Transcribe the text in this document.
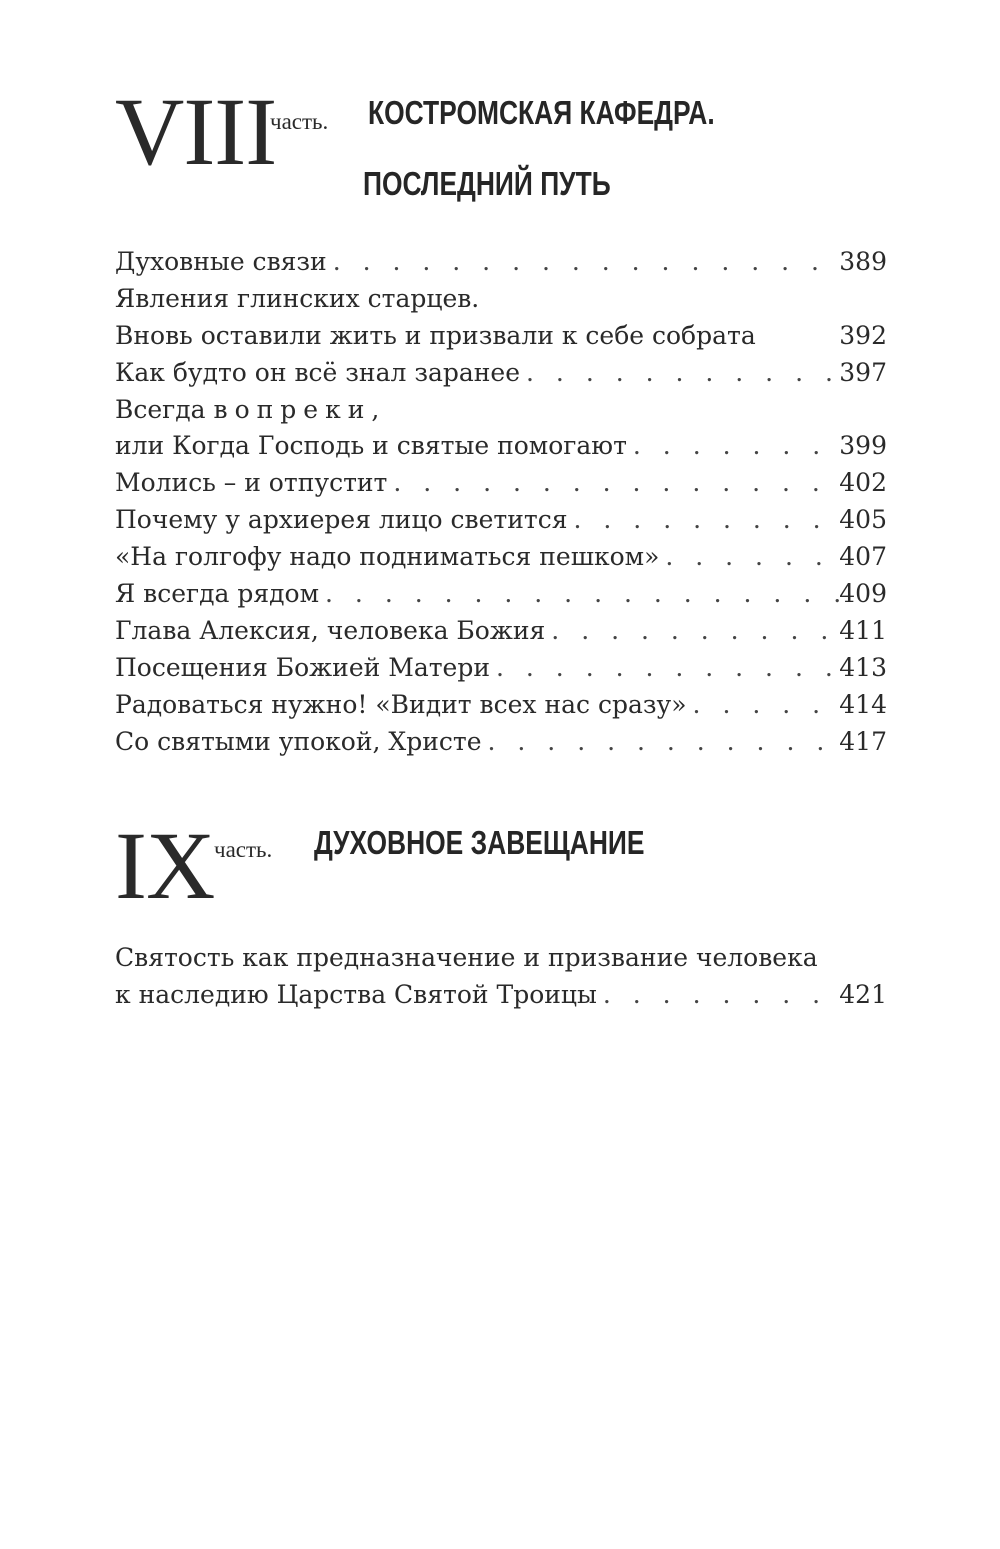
VIII
часть. КОСТРОМСКАЯ КАФЕДРА.
ПОСЛЕДНИЙ ПУТЬ
Духовные связи . . .	389
Явления глинских старцев.
Вновь оставили жить и призвали к себе собрата	392
Как будто он всё знал заранее . . .	397
Всегда вопреки,
или Когда Господь и святые помогают . . .	399
Молись – и отпустит . . .	402
Почему у архиерея лицо светится . . .	405
«На голгофу надо подниматься пешком» . . .	407
Я всегда рядом . . .	409
Глава Алексия, человека Божия . . .	411
Посещения Божией Матери . . .	413
Радоваться нужно! «Видит всех нас сразу» . . .	414
Со святыми упокой, Христе . . .	417
IX часть. ДУХОВНОЕ ЗАВЕЩАНИЕ
Святость как предназначение и призвание человека
к наследию Царства Святой Троицы . . .	421
